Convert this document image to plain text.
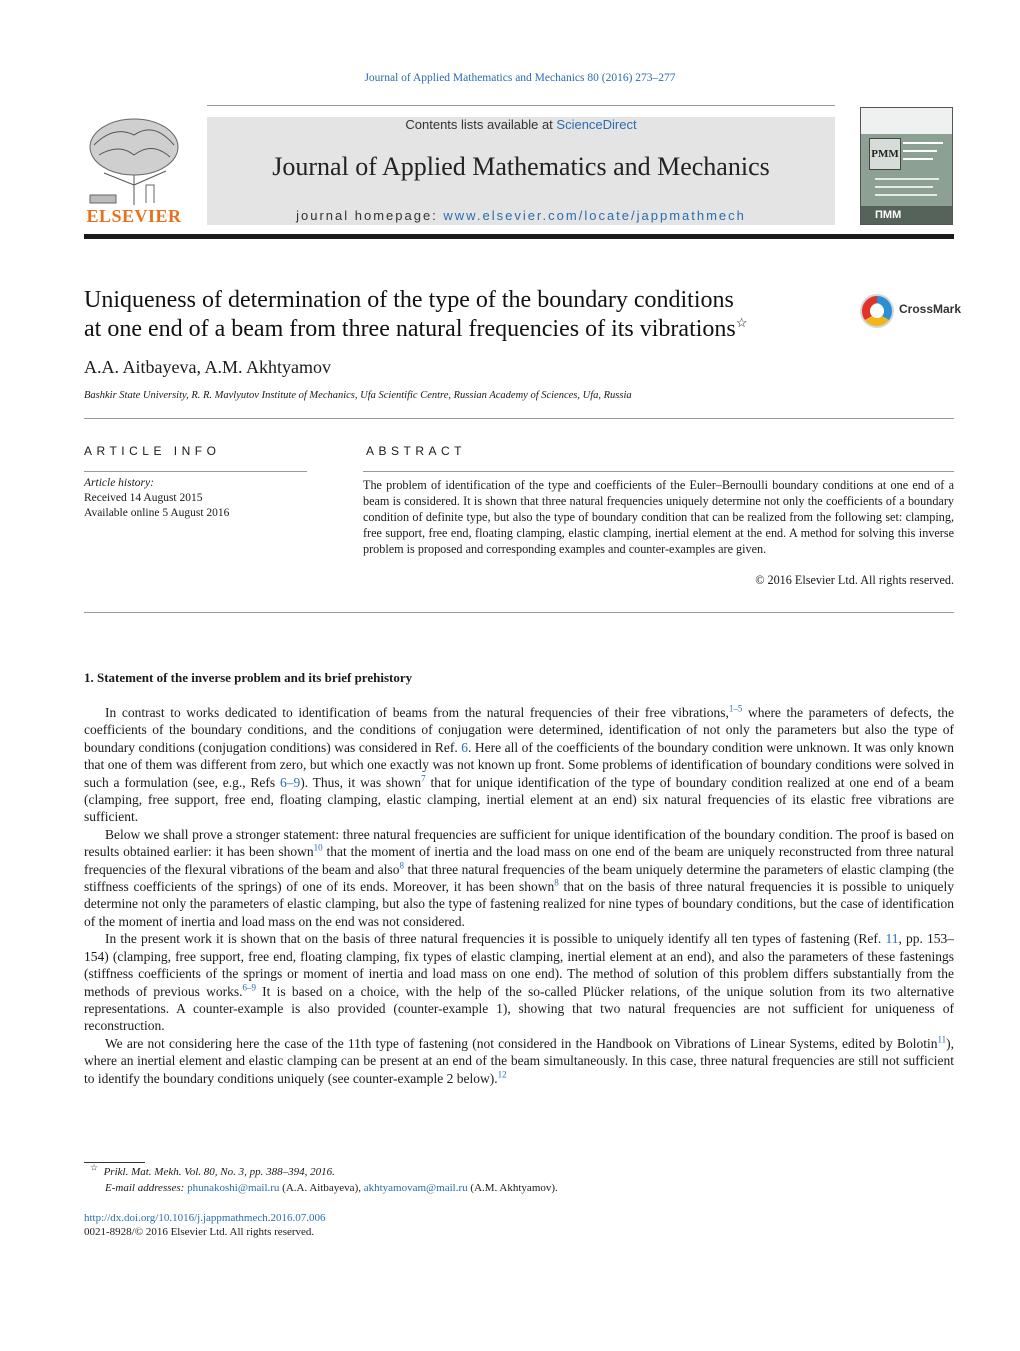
Journal of Applied Mathematics and Mechanics 80 (2016) 273–277
ELSEVIER
Contents lists available at ScienceDirect
Journal of Applied Mathematics and Mechanics
journal homepage: www.elsevier.com/locate/jappmathmech
PMM
ПММ
Uniqueness of determination of the type of the boundary conditions
at one end of a beam from three natural frequencies of its vibrations☆
CrossMark
A.A. Aitbayeva, A.M. Akhtyamov
Bashkir State University, R. R. Mavlyutov Institute of Mechanics, Ufa Scientific Centre, Russian Academy of Sciences, Ufa, Russia
ARTICLE INFO
Article history:
Received 14 August 2015
Available online 5 August 2016
ABSTRACT
The problem of identification of the type and coefficients of the Euler–Bernoulli boundary conditions at one end of a beam is considered. It is shown that three natural frequencies uniquely determine not only the coefficients of a boundary condition of definite type, but also the type of boundary condition that can be realized from the following set: clamping, free support, free end, floating clamping, elastic clamping, inertial element at the end. A method for solving this inverse problem is proposed and corresponding examples and counter-examples are given.
© 2016 Elsevier Ltd. All rights reserved.
1. Statement of the inverse problem and its brief prehistory

In contrast to works dedicated to identification of beams from the natural frequencies of their free vibrations,$^{1-5}$ where the parameters of defects, the coefficients of the boundary conditions, and the conditions of conjugation were determined, identification of not only the parameters but also the type of boundary conditions (conjugation conditions) was considered in Ref. 6. Here all of the coefficients of the boundary condition were unknown. It was only known that one of them was different from zero, but which one exactly was not known up front. Some problems of identification of boundary conditions were solved in such a formulation (see, e.g., Refs 6–9). Thus, it was shown$^7$ that for unique identification of the type of boundary condition realized at one end of a beam (clamping, free support, free end, floating clamping, elastic clamping, inertial element at an end) six natural frequencies of its elastic free vibrations are sufficient.

Below we shall prove a stronger statement: three natural frequencies are sufficient for unique identification of the boundary condition. The proof is based on results obtained earlier: it has been shown$^{10}$ that the moment of inertia and the load mass on one end of the beam are uniquely reconstructed from three natural frequencies of the flexural vibrations of the beam and also$^8$ that three natural frequencies of the beam uniquely determine the parameters of elastic clamping (the stiffness coefficients of the springs) of one of its ends. Moreover, it has been shown$^8$ that on the basis of three natural frequencies it is possible to uniquely determine not only the parameters of elastic clamping, but also the type of fastening realized for nine types of boundary conditions, but the case of identification of the moment of inertia and load mass on the end was not considered.

In the present work it is shown that on the basis of three natural frequencies it is possible to uniquely identify all ten types of fastening (Ref. 11, pp. 153–154) (clamping, free support, free end, floating clamping, fix types of elastic clamping, inertial element at an end), and also the parameters of these fastenings (stiffness coefficients of the springs or moment of inertia and load mass on one end). The method of solution of this problem differs substantially from the methods of previous works.$^{6-9}$ It is based on a choice, with the help of the so-called Plücker relations, of the unique solution from its two alternative representations. A counter-example is also provided (counter-example 1), showing that two natural frequencies are not sufficient for uniqueness of reconstruction.

We are not considering here the case of the 11th type of fastening (not considered in the Handbook on Vibrations of Linear Systems, edited by Bolotin$^{11}$), where an inertial element and elastic clamping can be present at an end of the beam simultaneously. In this case, three natural frequencies are still not sufficient to identify the boundary conditions uniquely (see counter-example 2 below).$^{12}$

☆ Prikl. Mat. Mekh. Vol. 80, No. 3, pp. 388–394, 2016.
E-mail addresses: phunakoshi@mail.ru (A.A. Aitbayeva), akhtyamovam@mail.ru (A.M. Akhtyamov).
http://dx.doi.org/10.1016/j.jappmathmech.2016.07.006
0021-8928/© 2016 Elsevier Ltd. All rights reserved.
